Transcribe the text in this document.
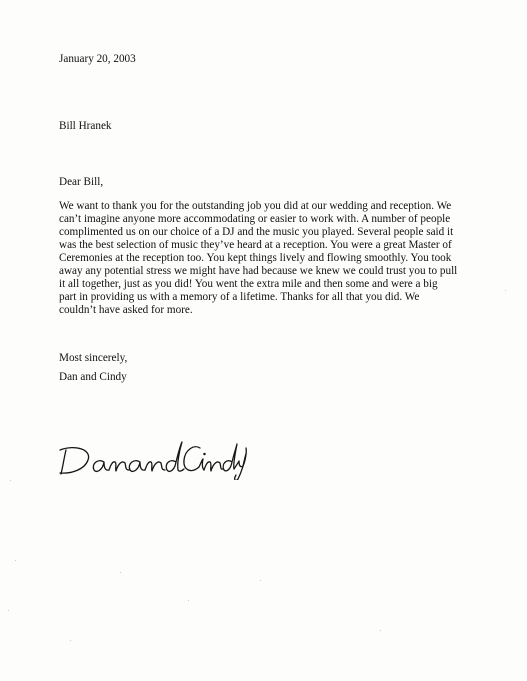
January 20, 2003
Bill Hranek
Dear Bill,
We want to thank you for the outstanding job you did at our wedding and reception. We
can’t imagine anyone more accommodating or easier to work with. A number of people
complimented us on our choice of a DJ and the music you played. Several people said it
was the best selection of music they’ve heard at a reception. You were a great Master of
Ceremonies at the reception too. You kept things lively and flowing smoothly. You took
away any potential stress we might have had because we knew we could trust you to pull
it all together, just as you did! You went the extra mile and then some and were a big
part in providing us with a memory of a lifetime. Thanks for all that you did. We
couldn’t have asked for more.
Most sincerely,
Dan and Cindy
